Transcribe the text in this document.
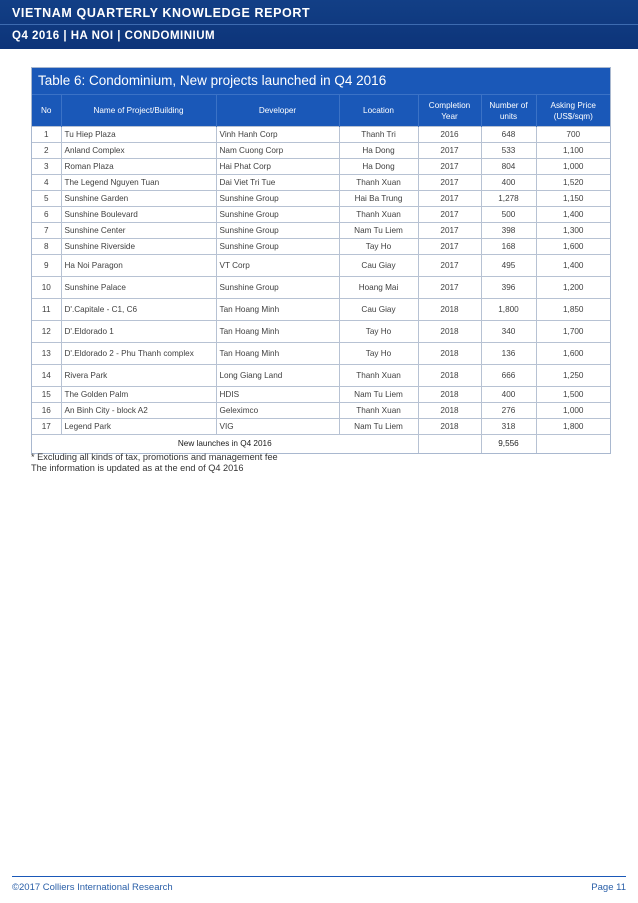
VIETNAM QUARTERLY KNOWLEDGE REPORT
Q4 2016 | HA NOI | CONDOMINIUM
Table 6: Condominium, New projects launched in Q4 2016
No	Name of Project/Building	Developer	Location	Completion Year	Number of units	Asking Price (US$/sqm)
1	Tu Hiep Plaza	Vinh Hanh Corp	Thanh Tri	2016	648	700
2	Anland Complex	Nam Cuong Corp	Ha Dong	2017	533	1,100
3	Roman Plaza	Hai Phat Corp	Ha Dong	2017	804	1,000
4	The Legend Nguyen Tuan	Dai Viet Tri Tue	Thanh Xuan	2017	400	1,520
5	Sunshine Garden	Sunshine Group	Hai Ba Trung	2017	1,278	1,150
6	Sunshine Boulevard	Sunshine Group	Thanh Xuan	2017	500	1,400
7	Sunshine Center	Sunshine Group	Nam Tu Liem	2017	398	1,300
8	Sunshine Riverside	Sunshine Group	Tay Ho	2017	168	1,600
9	Ha Noi Paragon	VT Corp	Cau Giay	2017	495	1,400
10	Sunshine Palace	Sunshine Group	Hoang Mai	2017	396	1,200
11	D'.Capitale - C1, C6	Tan Hoang Minh	Cau Giay	2018	1,800	1,850
12	D'.Eldorado 1	Tan Hoang Minh	Tay Ho	2018	340	1,700
13	D'.Eldorado 2 - Phu Thanh complex	Tan Hoang Minh	Tay Ho	2018	136	1,600
14	Rivera Park	Long Giang Land	Thanh Xuan	2018	666	1,250
15	The Golden Palm	HDIS	Nam Tu Liem	2018	400	1,500
16	An Binh City - block A2	Geleximco	Thanh Xuan	2018	276	1,000
17	Legend Park	VIG	Nam Tu Liem	2018	318	1,800
New launches in Q4 2016					9,556	
* Excluding all kinds of tax, promotions and management fee
The information is updated as at the end of Q4 2016
©2017 Colliers International Research	Page 11
